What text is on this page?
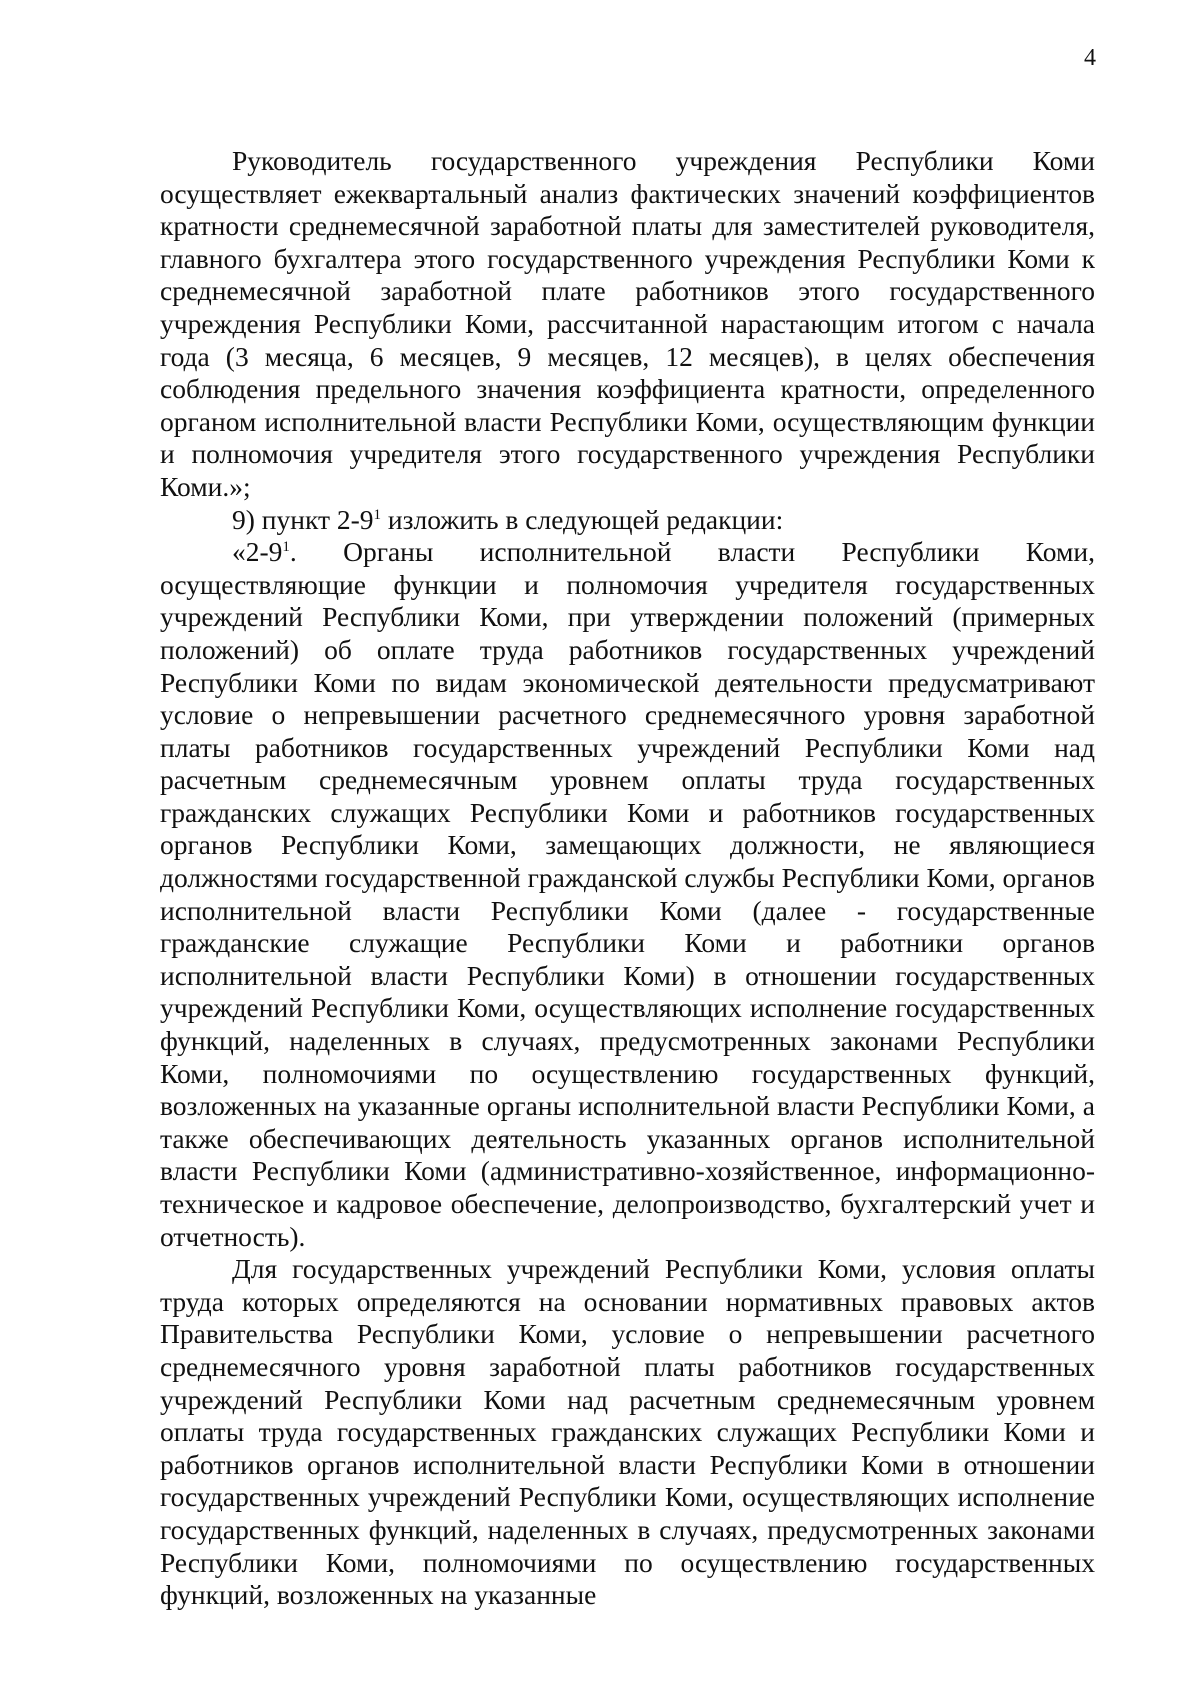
4

Руководитель государственного учреждения Республики Коми осуществляет ежеквартальный анализ фактических значений коэффициентов кратности среднемесячной заработной платы для заместителей руководителя, главного бухгалтера этого государственного учреждения Республики Коми к среднемесячной заработной плате работников этого государственного учреждения Республики Коми, рассчитанной нарастающим итогом с начала года (3 месяца, 6 месяцев, 9 месяцев, 12 месяцев), в целях обеспечения соблюдения предельного значения коэффициента кратности, определенного органом исполнительной власти Республики Коми, осуществляющим функции и полномочия учредителя этого государственного учреждения Республики Коми.»;

9) пункт $2-9^1$ изложить в следующей редакции:

«$2-9^1$. Органы исполнительной власти Республики Коми, осуществляющие функции и полномочия учредителя государственных учреждений Республики Коми, при утверждении положений (примерных положений) об оплате труда работников государственных учреждений Республики Коми по видам экономической деятельности предусматривают условие о непревышении расчетного среднемесячного уровня заработной платы работников государственных учреждений Республики Коми над расчетным среднемесячным уровнем оплаты труда государственных гражданских служащих Республики Коми и работников государственных органов Республики Коми, замещающих должности, не являющиеся должностями государственной гражданской службы Республики Коми, органов исполнительной власти Республики Коми (далее - государственные гражданские служащие Республики Коми и работники органов исполнительной власти Республики Коми) в отношении государственных учреждений Республики Коми, осуществляющих исполнение государственных функций, наделенных в случаях, предусмотренных законами Республики Коми, полномочиями по осуществлению государственных функций, возложенных на указанные органы исполнительной власти Республики Коми, а также обеспечивающих деятельность указанных органов исполнительной власти Республики Коми (административно-хозяйственное, информационно-техническое и кадровое обеспечение, делопроизводство, бухгалтерский учет и отчетность).

Для государственных учреждений Республики Коми, условия оплаты труда которых определяются на основании нормативных правовых актов Правительства Республики Коми, условие о непревышении расчетного среднемесячного уровня заработной платы работников государственных учреждений Республики Коми над расчетным среднемесячным уровнем оплаты труда государственных гражданских служащих Республики Коми и работников органов исполнительной власти Республики Коми в отношении государственных учреждений Республики Коми, осуществляющих исполнение государственных функций, наделенных в случаях, предусмотренных законами Республики Коми, полномочиями по осуществлению государственных функций, возложенных на указанные
